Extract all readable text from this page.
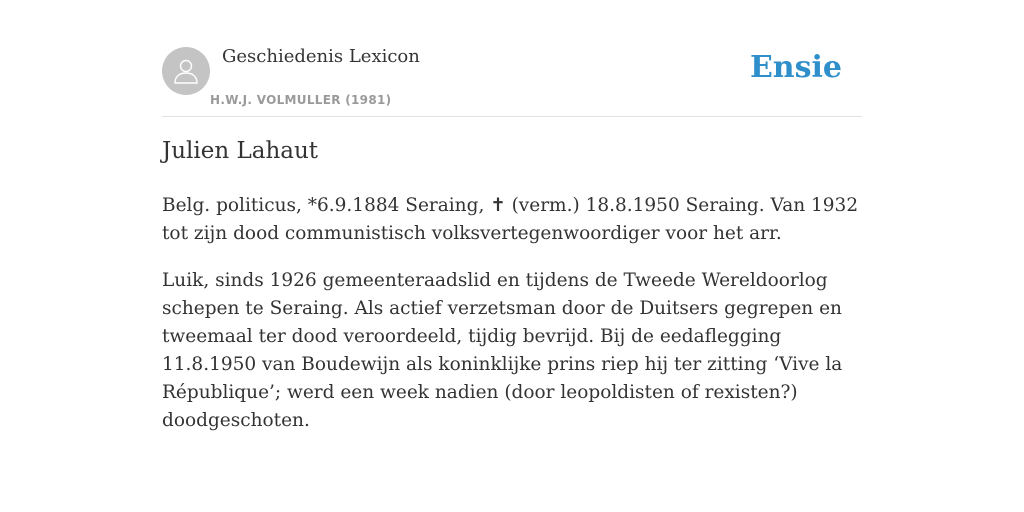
Geschiedenis Lexicon
H.W.J. VOLMULLER (1981)
Ensie
Julien Lahaut

Belg. politicus, *6.9.1884 Seraing, ✝ (verm.) 18.8.1950 Seraing. Van 1932 tot zijn dood communistisch volksvertegenwoordiger voor het arr.

Luik, sinds 1926 gemeenteraadslid en tijdens de Tweede Wereldoorlog schepen te Seraing. Als actief verzetsman door de Duitsers gegrepen en tweemaal ter dood veroordeeld, tijdig bevrijd. Bij de eedaflegging 11.8.1950 van Boudewijn als koninklijke prins riep hij ter zitting ‘Vive la République’; werd een week nadien (door leopoldisten of rexisten?) doodgeschoten.
